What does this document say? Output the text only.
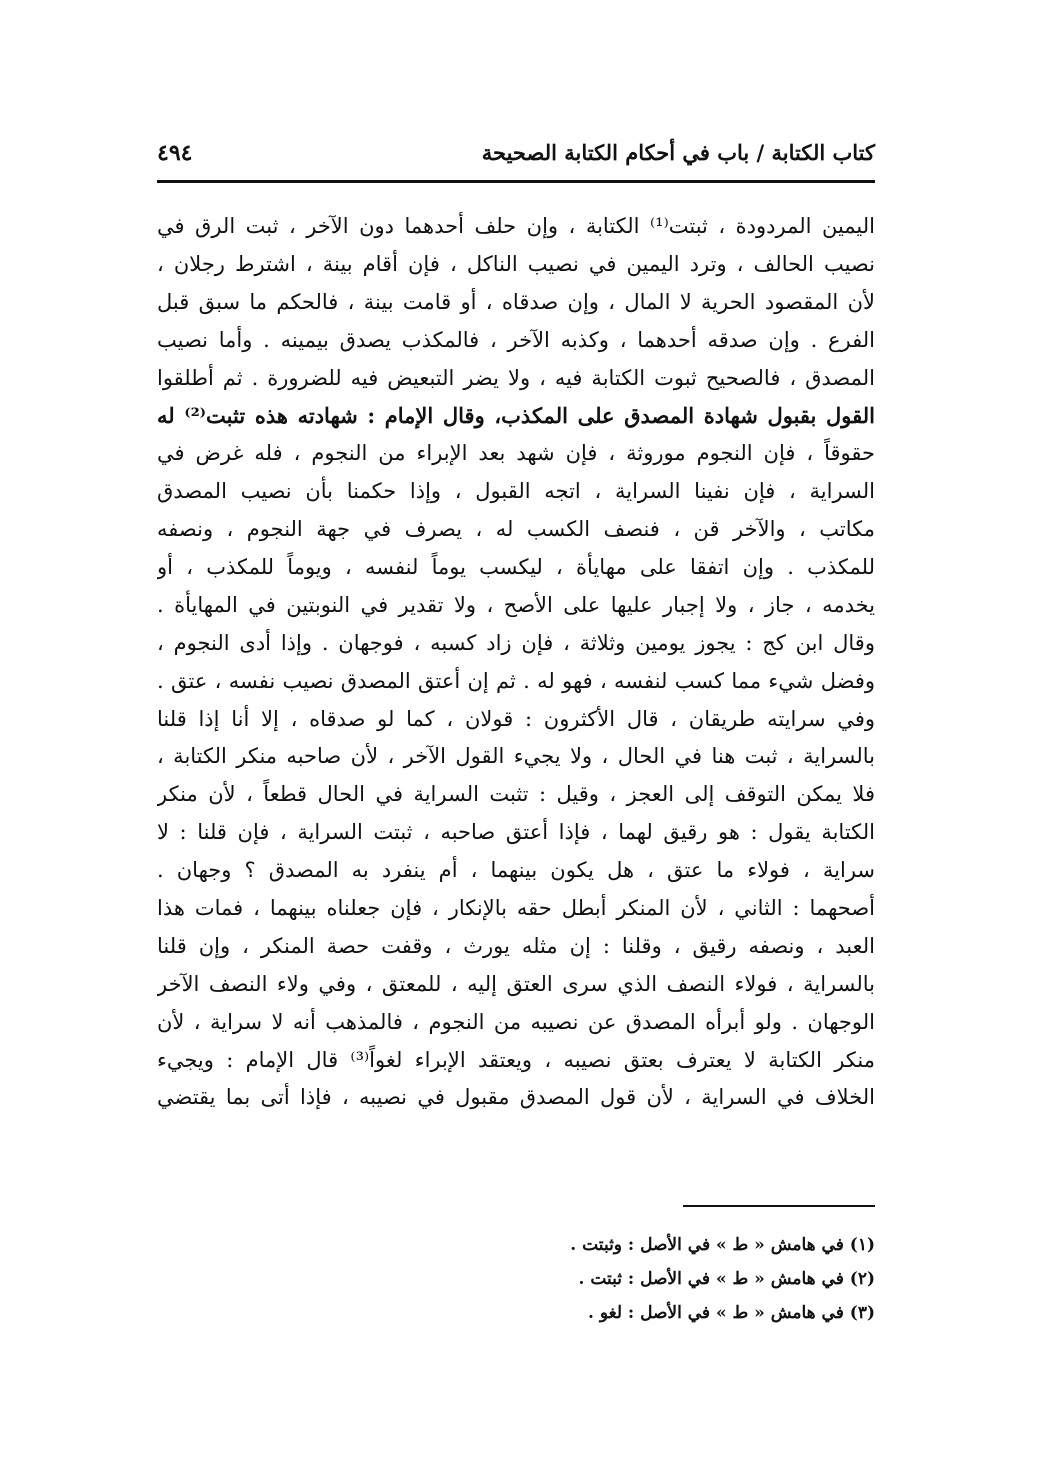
كتاب الكتابة / باب في أحكام الكتابة الصحيحة
٤٩٤
اليمين المردودة ، ثبتت⁽¹⁾ الكتابة ، وإن حلف أحدهما دون الآخر ، ثبت الرق في
نصيب الحالف ، وترد اليمين في نصيب الناكل ، فإن أقام بينة ، اشترط رجلان ،
لأن المقصود الحرية لا المال ، وإن صدقاه ، أو قامت بينة ، فالحكم ما سبق قبل
الفرع . وإن صدقه أحدهما ، وكذبه الآخر ، فالمكذب يصدق بيمينه . وأما نصيب
المصدق ، فالصحيح ثبوت الكتابة فيه ، ولا يضر التبعيض فيه للضرورة . ثم أطلقوا
القول بقبول شهادة المصدق على المكذب، وقال الإمام : شهادته هذه تثبت⁽²⁾ له
حقوقاً ، فإن النجوم موروثة ، فإن شهد بعد الإبراء من النجوم ، فله غرض في
السراية ، فإن نفينا السراية ، اتجه القبول ، وإذا حكمنا بأن نصيب المصدق
مكاتب ، والآخر قن ، فنصف الكسب له ، يصرف في جهة النجوم ، ونصفه
للمكذب . وإن اتفقا على مهايأة ، ليكسب يوماً لنفسه ، ويوماً للمكذب ، أو
يخدمه ، جاز ، ولا إجبار عليها على الأصح ، ولا تقدير في النوبتين في المهايأة .
وقال ابن كج : يجوز يومين وثلاثة ، فإن زاد كسبه ، فوجهان . وإذا أدى النجوم ،
وفضل شيء مما كسب لنفسه ، فهو له . ثم إن أعتق المصدق نصيب نفسه ، عتق .
وفي سرايته طريقان ، قال الأكثرون : قولان ، كما لو صدقاه ، إلا أنا إذا قلنا
بالسراية ، ثبت هنا في الحال ، ولا يجيء القول الآخر ، لأن صاحبه منكر الكتابة ،
فلا يمكن التوقف إلى العجز ، وقيل : تثبت السراية في الحال قطعاً ، لأن منكر
الكتابة يقول : هو رقيق لهما ، فإذا أعتق صاحبه ، ثبتت السراية ، فإن قلنا : لا
سراية ، فولاء ما عتق ، هل يكون بينهما ، أم ينفرد به المصدق ؟ وجهان .
أصحهما : الثاني ، لأن المنكر أبطل حقه بالإنكار ، فإن جعلناه بينهما ، فمات هذا
العبد ، ونصفه رقيق ، وقلنا : إن مثله يورث ، وقفت حصة المنكر ، وإن قلنا
بالسراية ، فولاء النصف الذي سرى العتق إليه ، للمعتق ، وفي ولاء النصف الآخر
الوجهان . ولو أبرأه المصدق عن نصيبه من النجوم ، فالمذهب أنه لا سراية ، لأن
منكر الكتابة لا يعترف بعتق نصيبه ، ويعتقد الإبراء لغواً⁽³⁾ قال الإمام : ويجيء
الخلاف في السراية ، لأن قول المصدق مقبول في نصيبه ، فإذا أتى بما يقتضي
(١) في هامش « ط » في الأصل : وثبتت .
(٢) في هامش « ط » في الأصل : ثبتت .
(٣) في هامش « ط » في الأصل : لغو .
